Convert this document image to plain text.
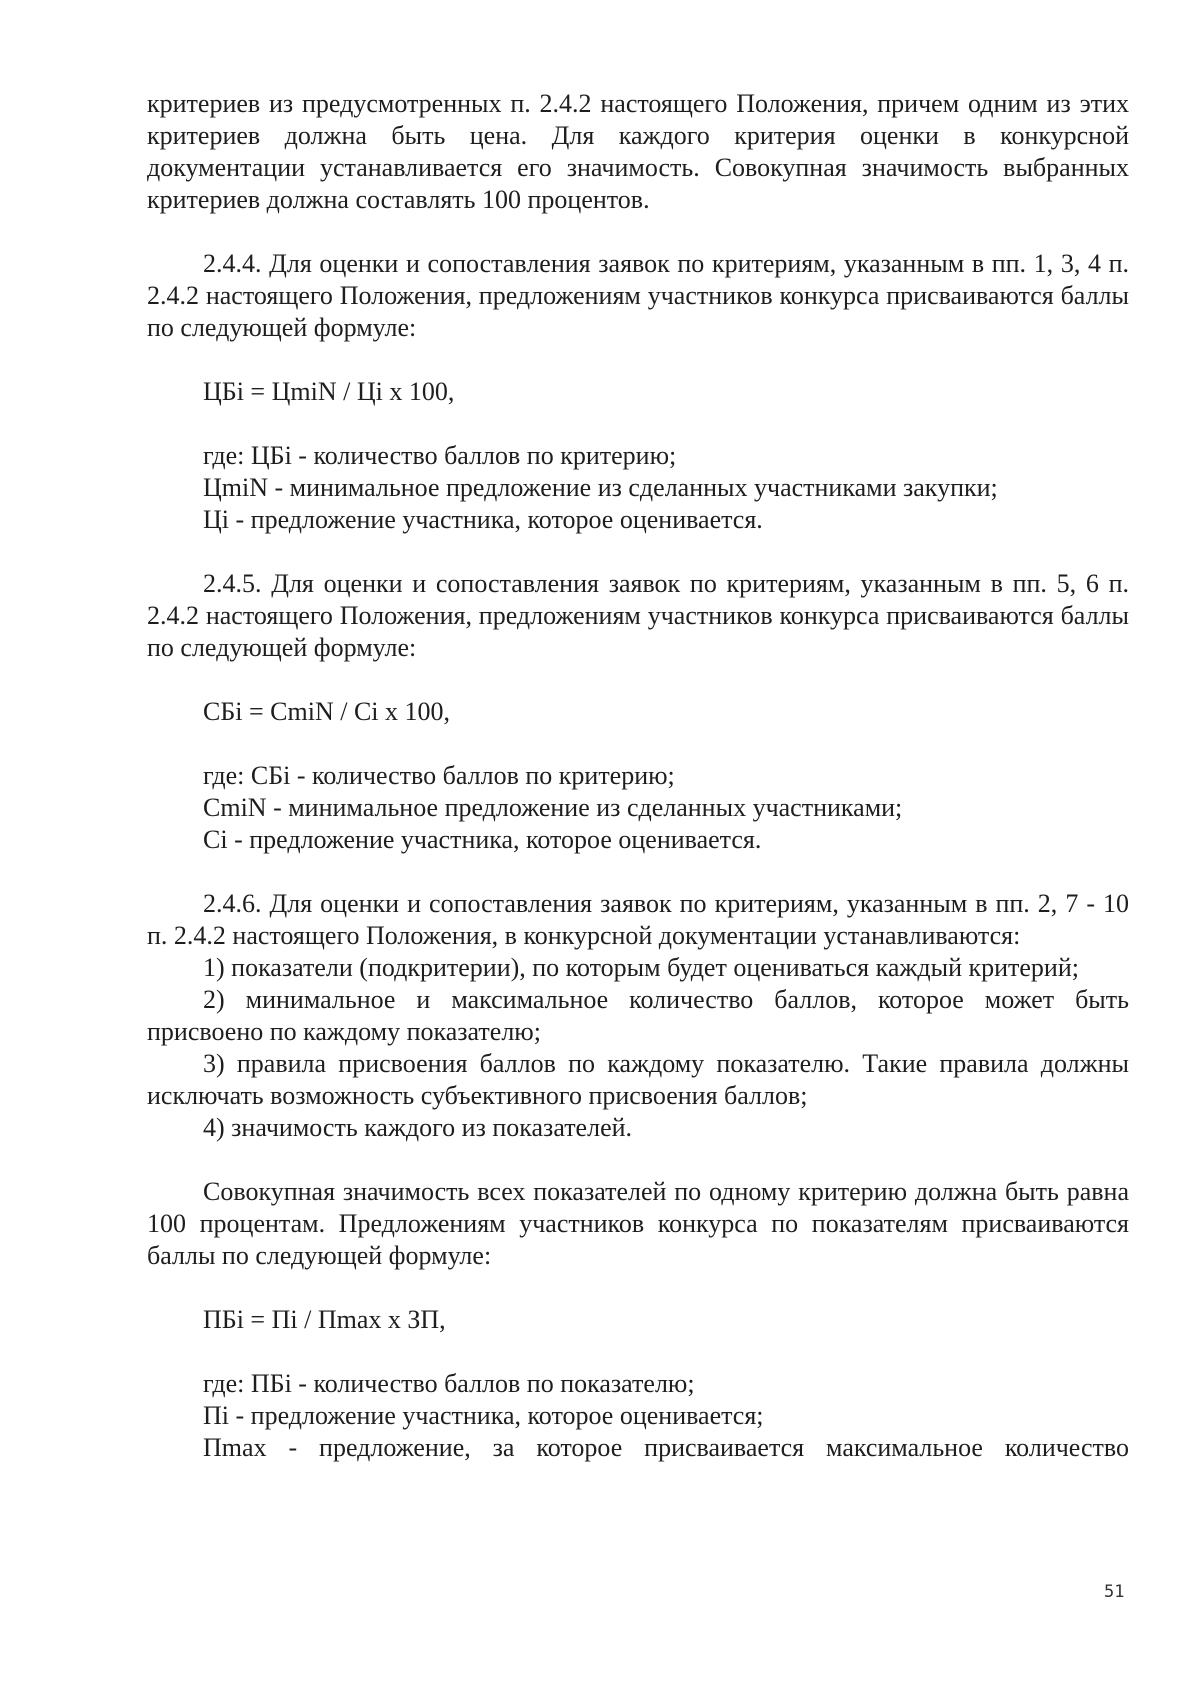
критериев из предусмотренных п. 2.4.2 настоящего Положения, причем одним из этих критериев должна быть цена. Для каждого критерия оценки в конкурсной документации устанавливается его значимость. Совокупная значимость выбранных критериев должна составлять 100 процентов.

2.4.4. Для оценки и сопоставления заявок по критериям, указанным в пп. 1, 3, 4 п. 2.4.2 настоящего Положения, предложениям участников конкурса присваиваются баллы по следующей формуле:

ЦБi = ЦmiN / Цi х 100,

где: ЦБi - количество баллов по критерию;

ЦmiN - минимальное предложение из сделанных участниками закупки;

Цi - предложение участника, которое оценивается.

2.4.5. Для оценки и сопоставления заявок по критериям, указанным в пп. 5, 6 п. 2.4.2 настоящего Положения, предложениям участников конкурса присваиваются баллы по следующей формуле:

СБi = CmiN / Ci х 100,

где: СБi - количество баллов по критерию;

CmiN - минимальное предложение из сделанных участниками;

Ci - предложение участника, которое оценивается.

2.4.6. Для оценки и сопоставления заявок по критериям, указанным в пп. 2, 7 - 10 п. 2.4.2 настоящего Положения, в конкурсной документации устанавливаются:

1) показатели (подкритерии), по которым будет оцениваться каждый критерий;

2) минимальное и максимальное количество баллов, которое может быть присвоено по каждому показателю;

3) правила присвоения баллов по каждому показателю. Такие правила должны исключать возможность субъективного присвоения баллов;

4) значимость каждого из показателей.

Совокупная значимость всех показателей по одному критерию должна быть равна 100 процентам. Предложениям участников конкурса по показателям присваиваются баллы по следующей формуле:

ПБi = Пi / Пmax х ЗП,

где: ПБi - количество баллов по показателю;

Пi - предложение участника, которое оценивается;

Пmax - предложение, за которое присваивается максимальное количество

51
